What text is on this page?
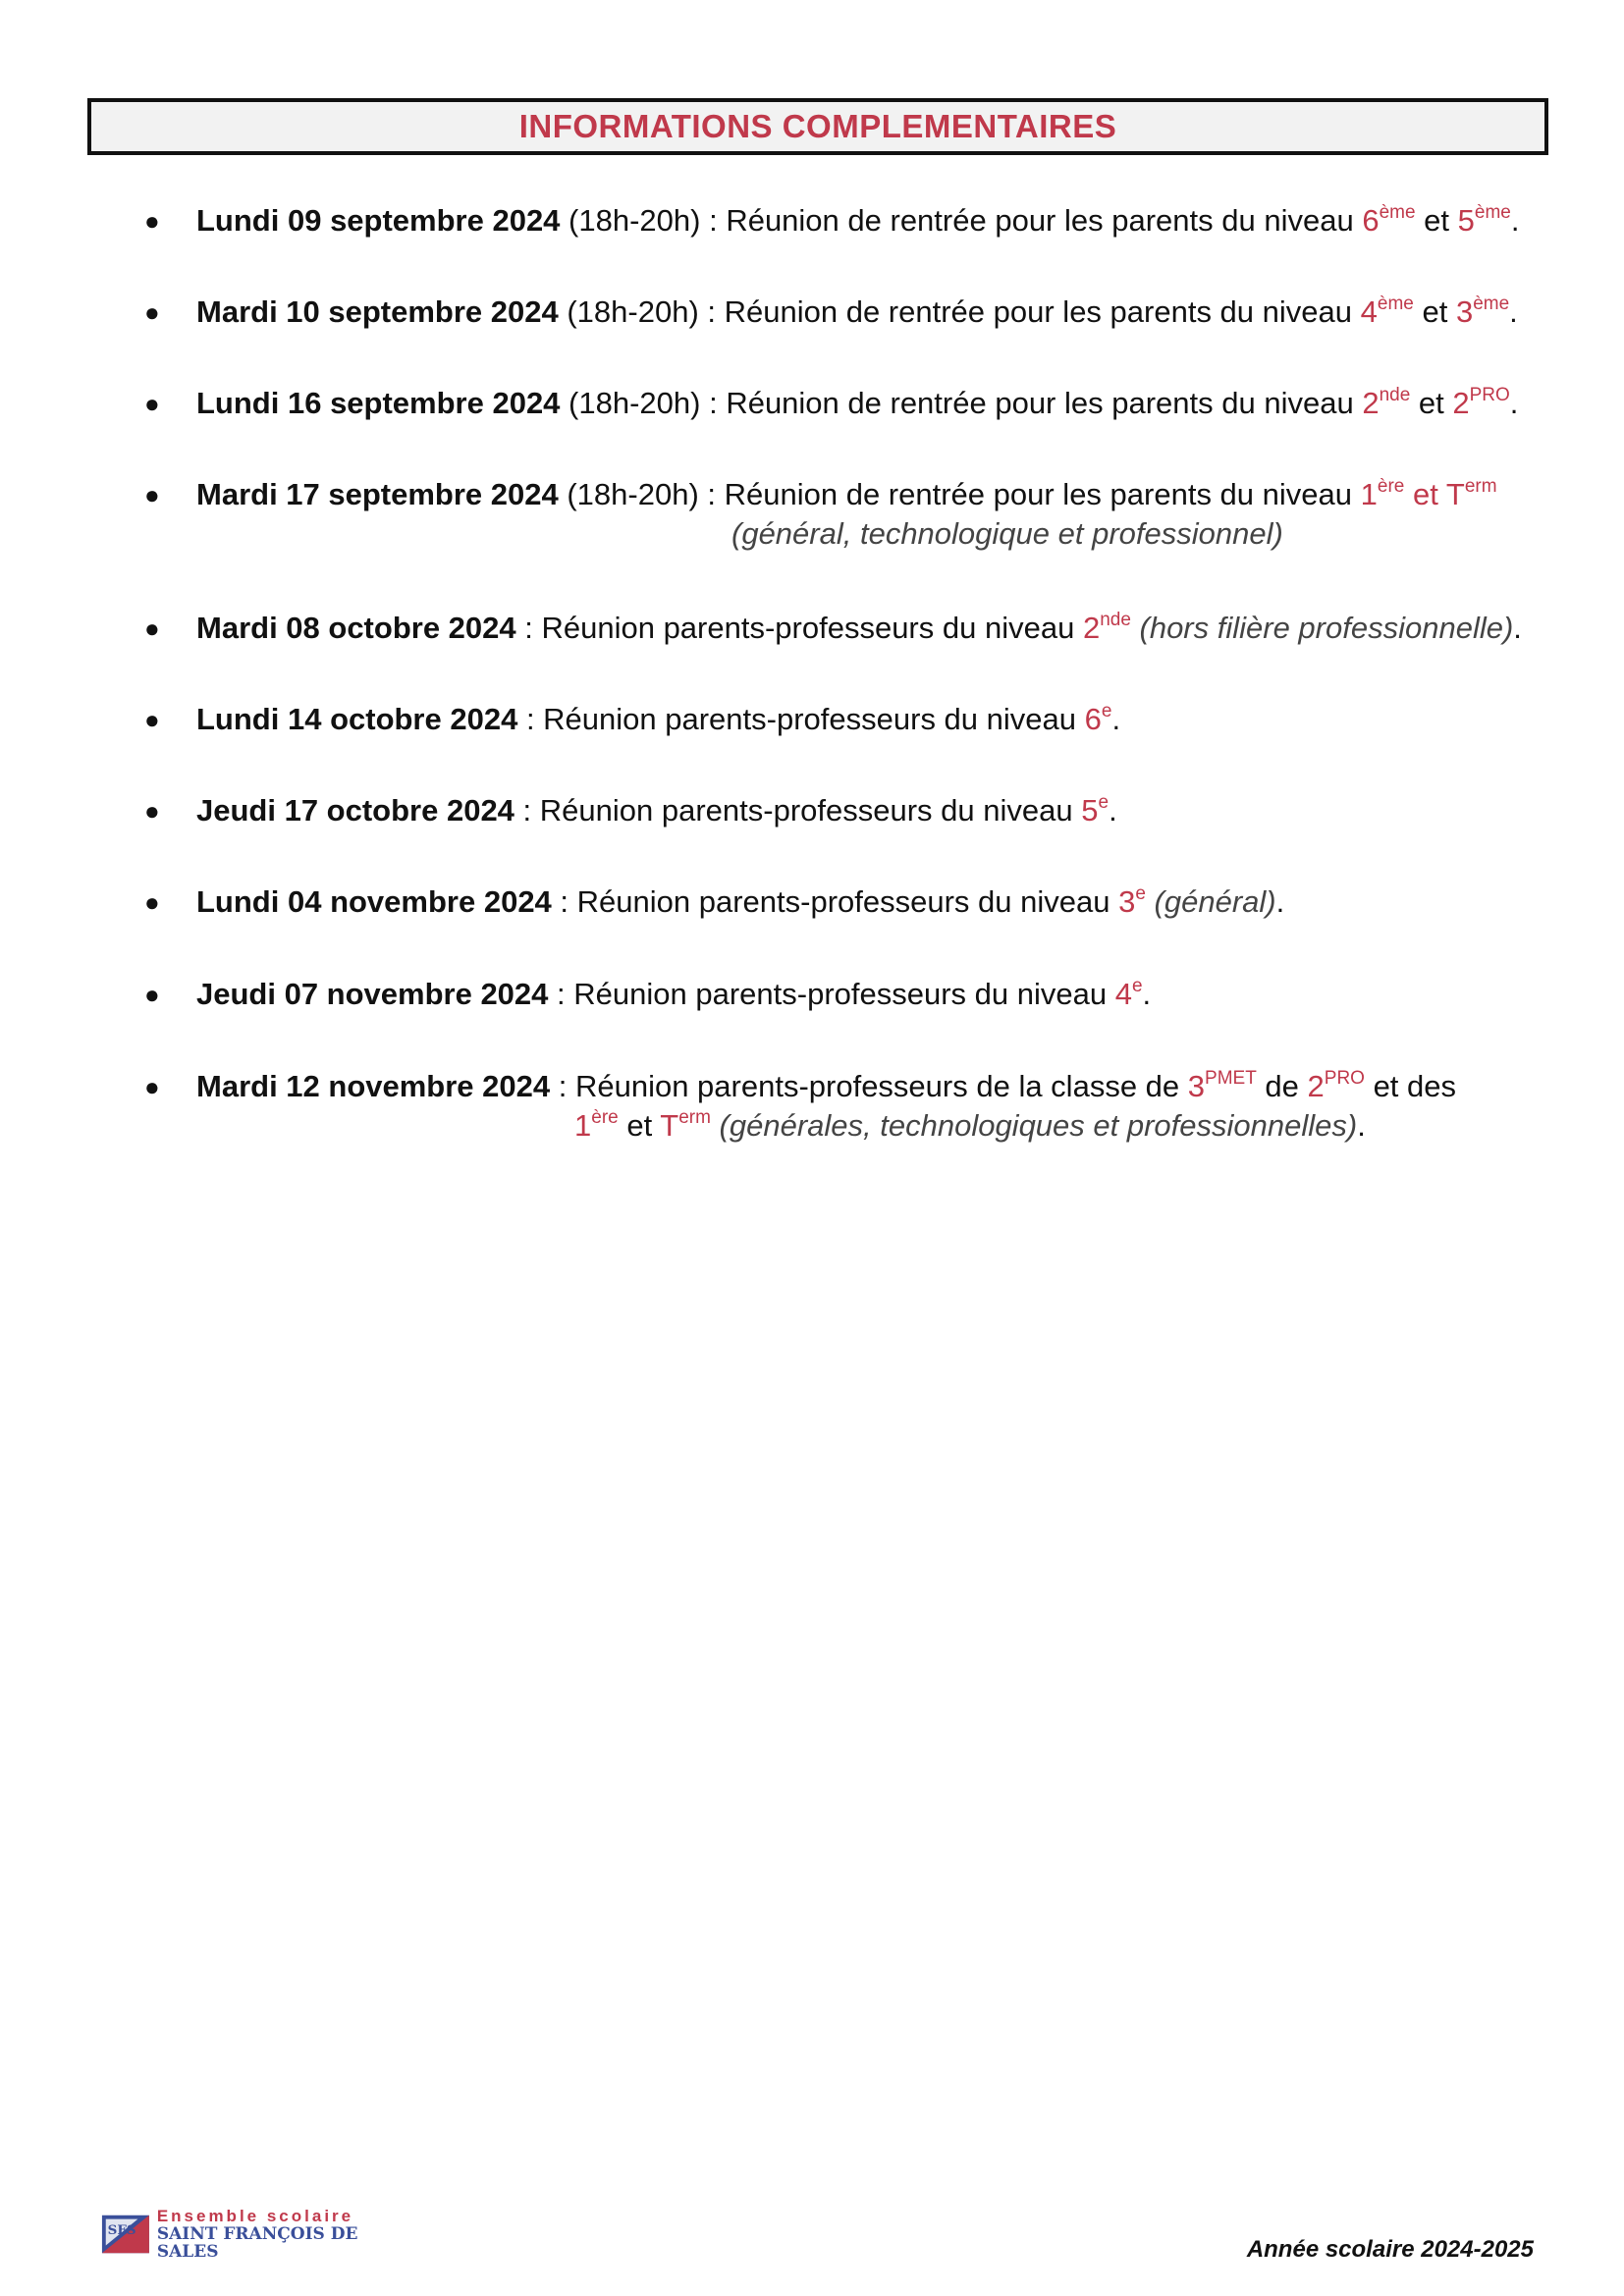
INFORMATIONS COMPLEMENTAIRES
● Lundi 09 septembre 2024 (18h-20h) : Réunion de rentrée pour les parents du niveau 6ème et 5ème.
● Mardi 10 septembre 2024 (18h-20h) : Réunion de rentrée pour les parents du niveau 4ème et 3ème.
● Lundi 16 septembre 2024 (18h-20h) : Réunion de rentrée pour les parents du niveau 2nde et $2^{PRO}$.
● Mardi 17 septembre 2024 (18h-20h) : Réunion de rentrée pour les parents du niveau 1ère et $T^{erm}$
(général, technologique et professionnel)
● Mardi 08 octobre 2024 : Réunion parents-professeurs du niveau 2nde (hors filière professionnelle).
● Lundi 14 octobre 2024 : Réunion parents-professeurs du niveau 6e.
● Jeudi 17 octobre 2024 : Réunion parents-professeurs du niveau 5e.
● Lundi 04 novembre 2024 : Réunion parents-professeurs du niveau 3e (général).
● Jeudi 07 novembre 2024 : Réunion parents-professeurs du niveau 4e.
● Mardi 12 novembre 2024 : Réunion parents-professeurs de la classe de $3^{PMET}$ de $2^{PRO}$ et des
1ère et $T^{erm}$ (générales, technologiques et professionnelles).
SFS
Ensemble scolaire
SAINT FRANÇOIS DE SALES	Année scolaire 2024-2025
